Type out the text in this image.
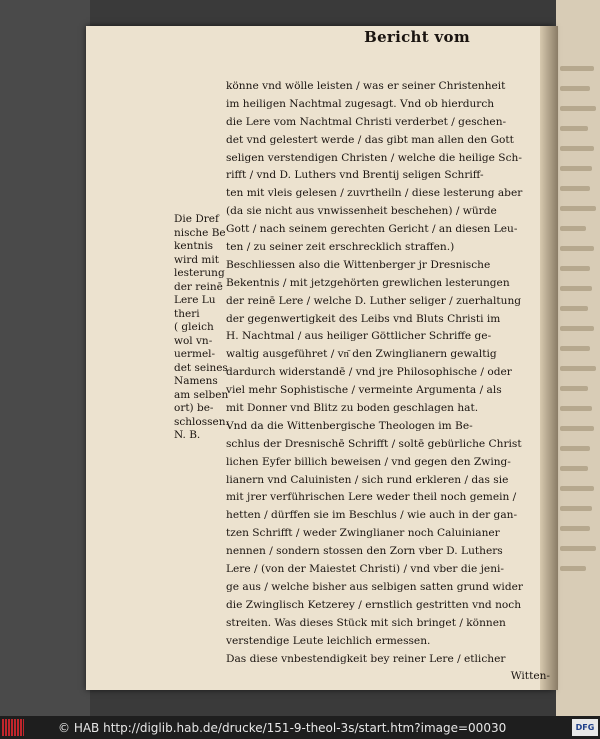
Bericht vom
Die Dref
nische Be
kentnis
wird mit
lesterung
der reinē
Lere Lu
theri
( gleich
wol vn-
uermel-
det seines
Namens
am selben
ort) be-
schlossen.
N. B.
könne vnd wölle leisten / was er seiner Christenheit
im heiligen Nachtmal zugesagt. Vnd ob hierdurch
die Lere vom Nachtmal Christi verderbet / geschen-
det vnd gelestert werde / das gibt man allen den Gott
seligen verstendigen Christen / welche die heilige Sch-
rifft / vnd D. Luthers vnd Brentij seligen Schriff-
ten mit vleis gelesen / zuvrtheiln / diese lesterung aber
(da sie nicht aus vnwissenheit beschehen) / würde
Gott / nach seinem gerechten Gericht / an diesen Leu-
ten / zu seiner zeit erschrecklich straffen.)
Beschliessen also die Wittenberger jr Dresnische
Bekentnis / mit jetzgehörten grewlichen lesterungen
der reinē Lere / welche D. Luther seliger / zuerhaltung
der gegenwertigkeit des Leibs vnd Bluts Christi im
H. Nachtmal / aus heiliger Göttlicher Schriffe ge-
waltig ausgeführet / vn͂ den Zwinglianern gewaltig
dardurch widerstandē / vnd jre Philosophische / oder
viel mehr Sophistische / vermeinte Argumenta / als
mit Donner vnd Blitz zu boden geschlagen hat.
Vnd da die Wittenbergische Theologen im Be-
schlus der Dresnischē Schrifft / soltē gebürliche Christ
lichen Eyfer billich beweisen / vnd gegen den Zwing-
lianern vnd Caluinisten / sich rund erkleren / das sie
mit jrer verführischen Lere weder theil noch gemein /
hetten / dürffen sie im Beschlus / wie auch in der gan-
tzen Schrifft / weder Zwinglianer noch Caluinianer
nennen / sondern stossen den Zorn vber D. Luthers
Lere / (von der Maiestet Christi) / vnd vber die jeni-
ge aus / welche bisher aus selbigen satten grund wider
die Zwinglisch Ketzerey / ernstlich gestritten vnd noch
streiten. Was dieses Stück mit sich bringet / können
verstendige Leute leichlich ermessen.
Das diese vnbestendigkeit bey reiner Lere / etlicher
Witten-
© HAB http://diglib.hab.de/drucke/151-9-theol-3s/start.htm?image=00030	DFG
